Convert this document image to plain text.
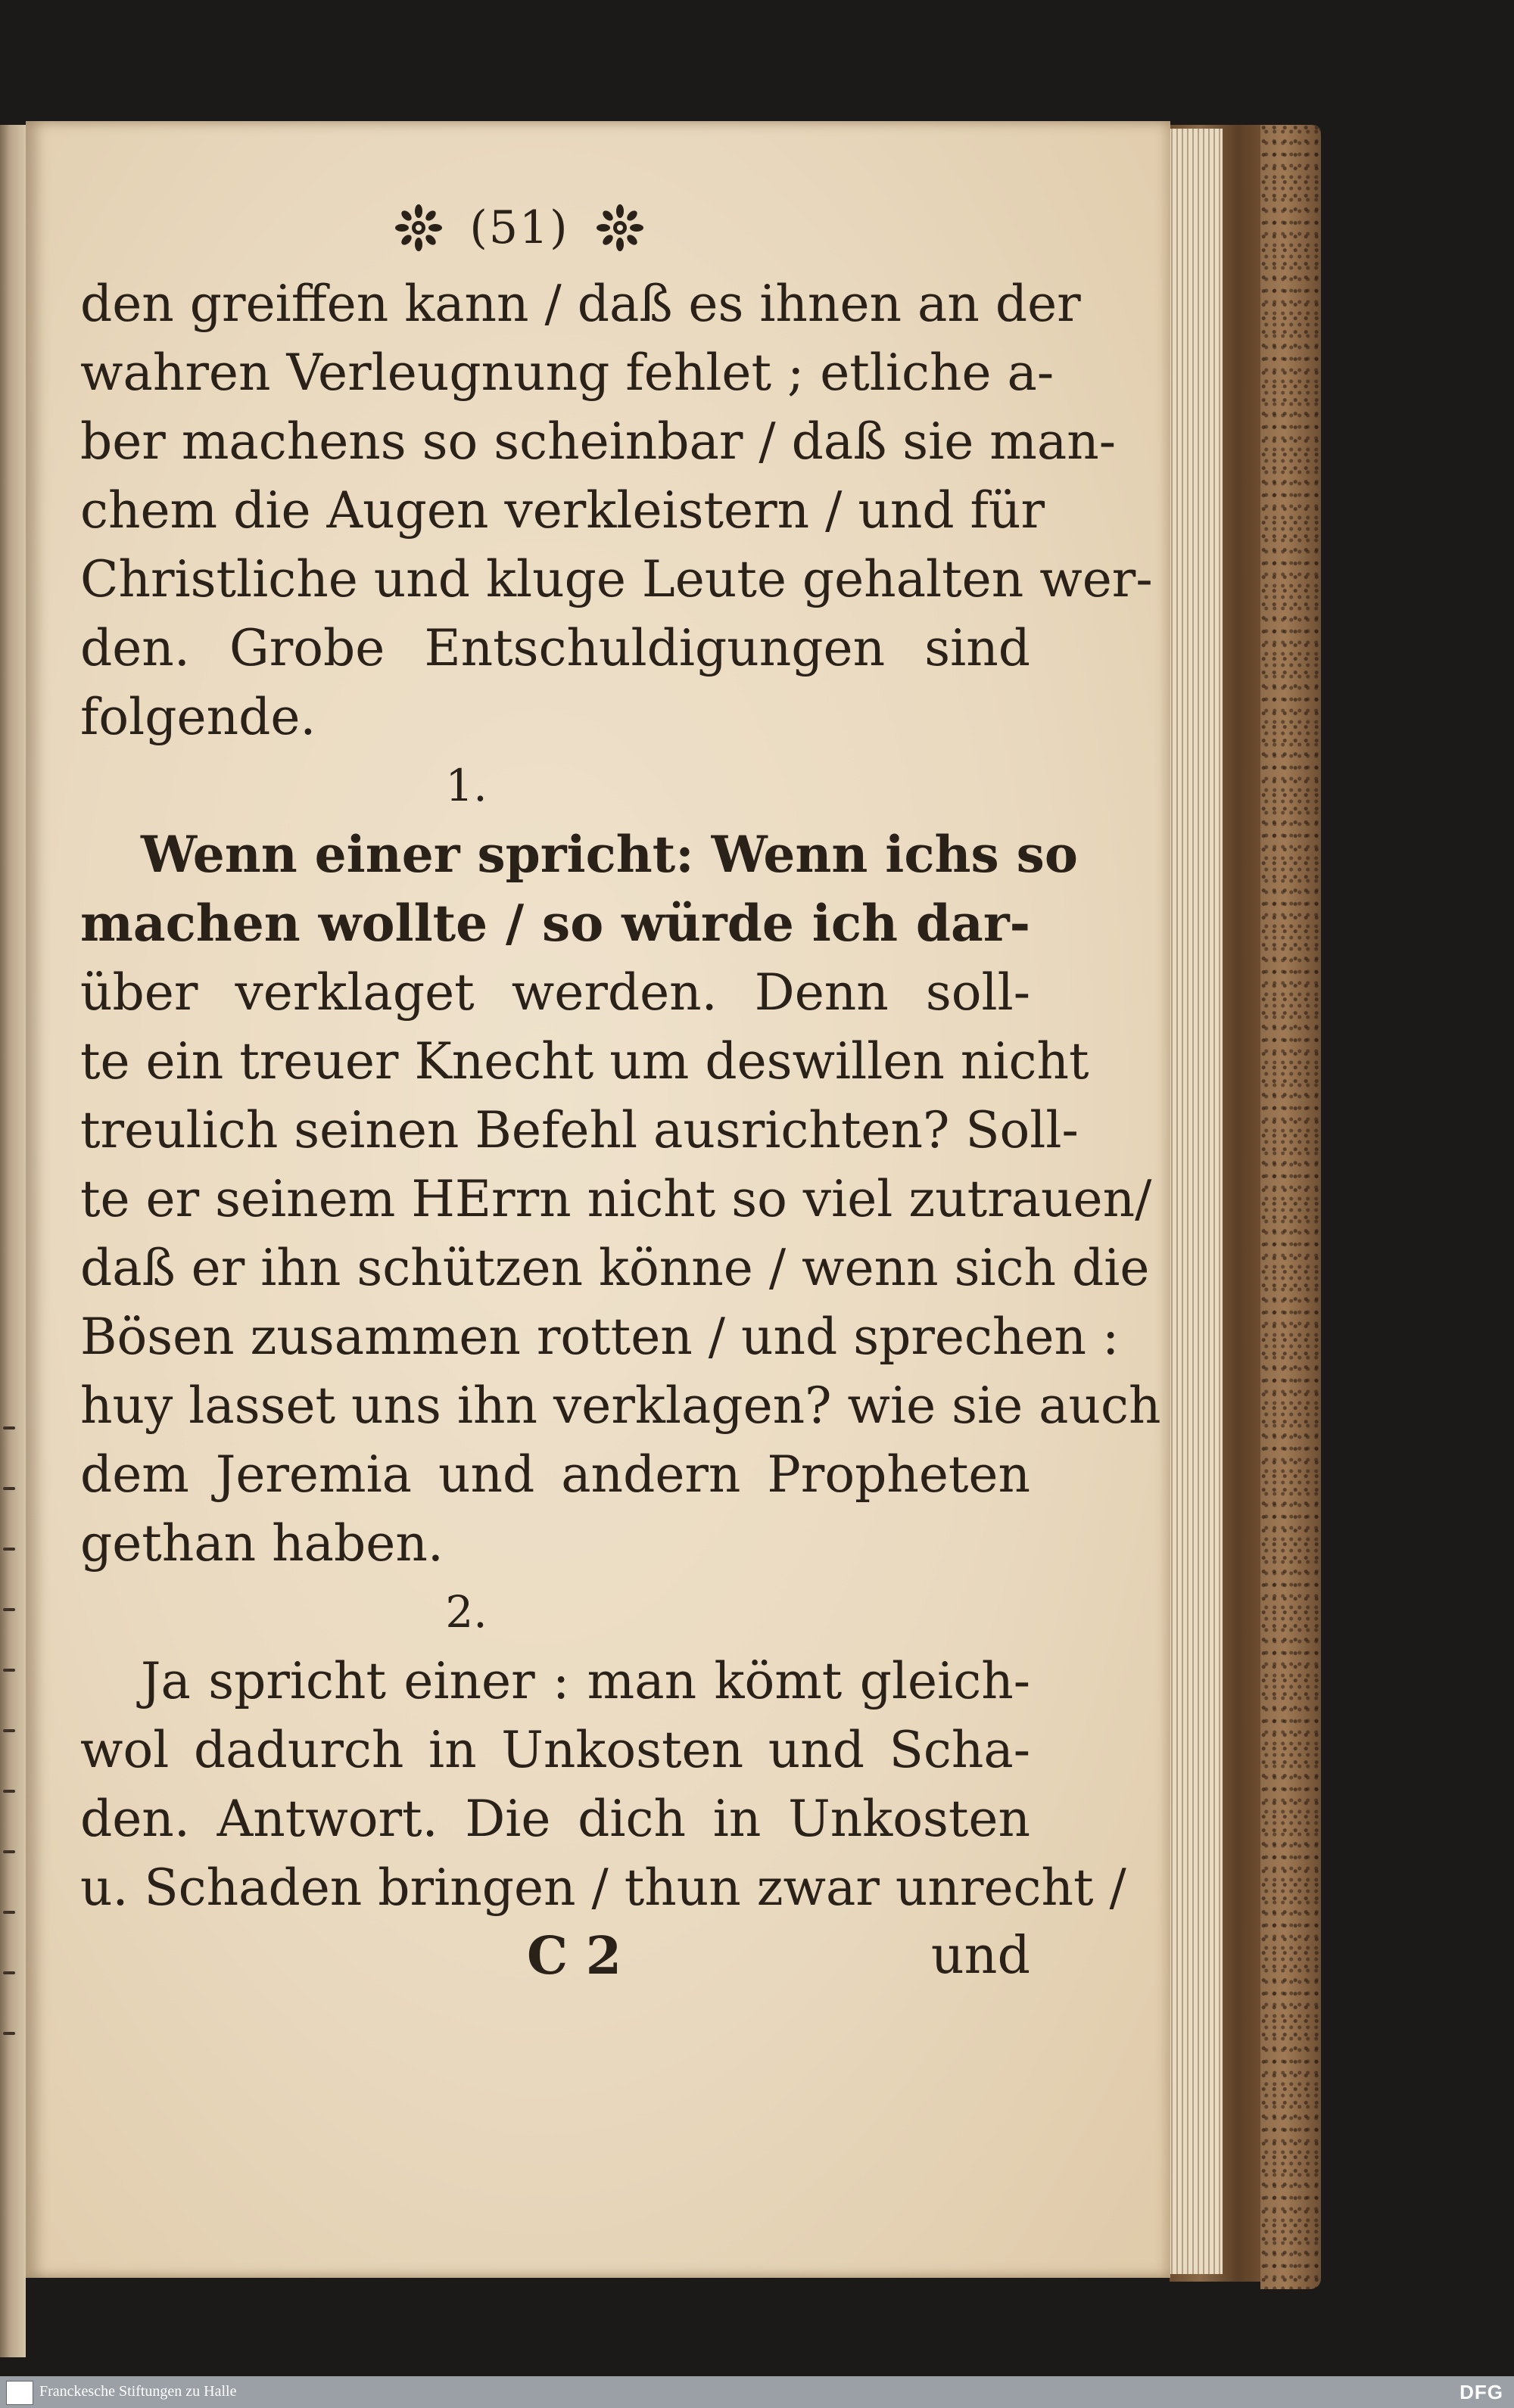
(51)
den greiffen kann / daß es ihnen an der
wahren Verleugnung fehlet ; etliche a-
ber machens so scheinbar / daß sie man-
chem die Augen verkleistern / und für
Christliche und kluge Leute gehalten wer-
den. Grobe Entschuldigungen sind
folgende.
1.
Wenn einer spricht: Wenn ichs so
machen wollte / so würde ich dar-
über verklaget werden. Denn soll-
te ein treuer Knecht um deswillen nicht
treulich seinen Befehl ausrichten? Soll-
te er seinem HErrn nicht so viel zutrauen/
daß er ihn schützen könne / wenn sich die
Bösen zusammen rotten / und sprechen :
huy lasset uns ihn verklagen? wie sie auch
dem Jeremia und andern Propheten
gethan haben.
2.
Ja spricht einer : man kömt gleich-
wol dadurch in Unkosten und Scha-
den. Antwort. Die dich in Unkosten
u. Schaden bringen / thun zwar unrecht /
C 2	und
Franckesche Stiftungen zu Halle	DFG
